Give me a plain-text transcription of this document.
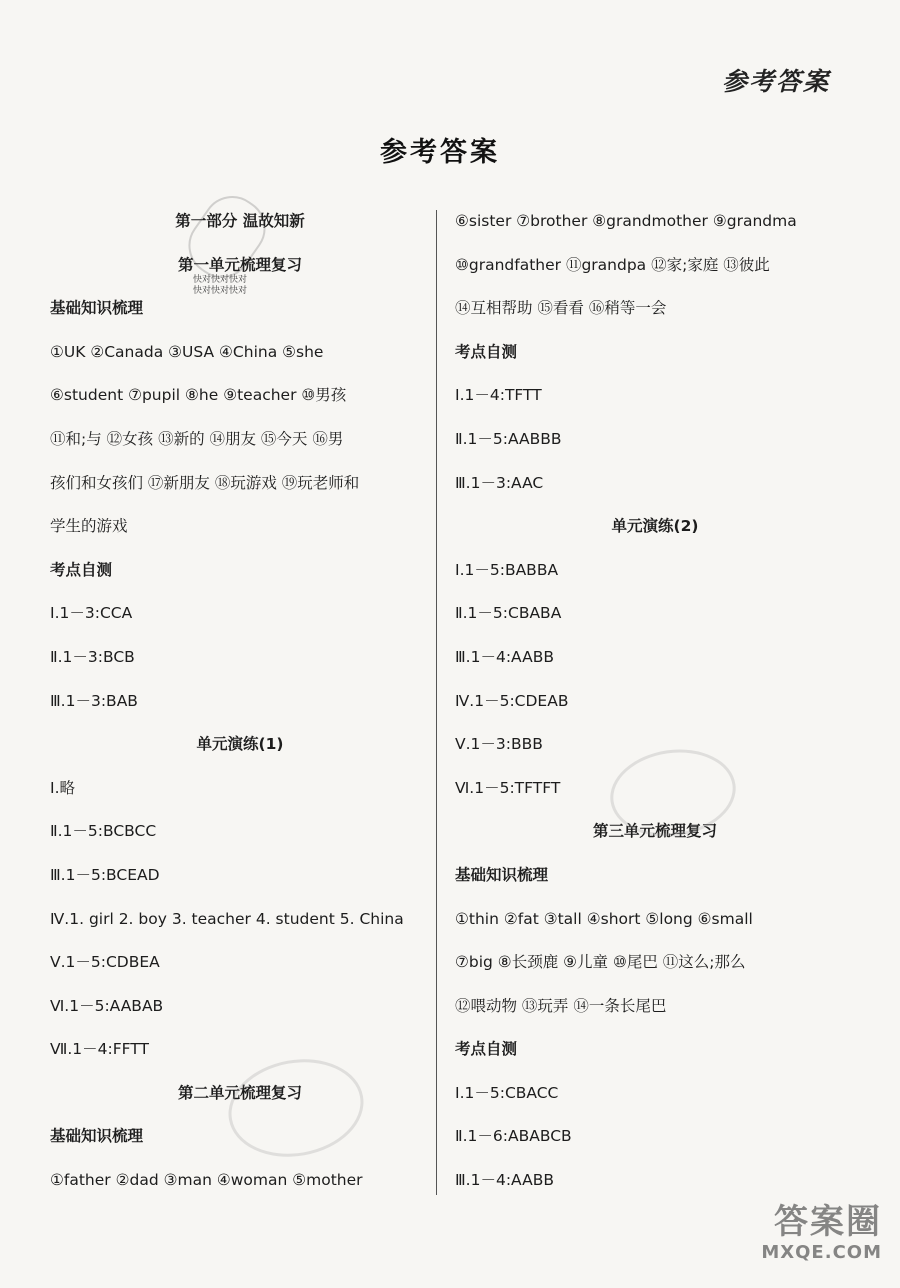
参考答案
参考答案
快对快对快对
快对快对快对
第一部分 温故知新
第一单元梳理复习
基础知识梳理
①UK ②Canada ③USA ④China ⑤she
⑥student ⑦pupil ⑧he ⑨teacher ⑩男孩
⑪和;与 ⑫女孩 ⑬新的 ⑭朋友 ⑮今天 ⑯男
孩们和女孩们 ⑰新朋友 ⑱玩游戏 ⑲玩老师和
学生的游戏
考点自测
Ⅰ.1－3:CCA
Ⅱ.1－3:BCB
Ⅲ.1－3:BAB
单元演练(1)
Ⅰ.略
Ⅱ.1－5:BCBCC
Ⅲ.1－5:BCEAD
Ⅳ.1. girl 2. boy 3. teacher 4. student 5. China
Ⅴ.1－5:CDBEA
Ⅵ.1－5:AABAB
Ⅶ.1－4:FFTT
第二单元梳理复习
基础知识梳理
①father ②dad ③man ④woman ⑤mother
⑥sister ⑦brother ⑧grandmother ⑨grandma
⑩grandfather ⑪grandpa ⑫家;家庭 ⑬彼此
⑭互相帮助 ⑮看看 ⑯稍等一会
考点自测
Ⅰ.1－4:TFTT
Ⅱ.1－5:AABBB
Ⅲ.1－3:AAC
单元演练(2)
Ⅰ.1－5:BABBA
Ⅱ.1－5:CBABA
Ⅲ.1－4:AABB
Ⅳ.1－5:CDEAB
Ⅴ.1－3:BBB
Ⅵ.1－5:TFTFT
第三单元梳理复习
基础知识梳理
①thin ②fat ③tall ④short ⑤long ⑥small
⑦big ⑧长颈鹿 ⑨儿童 ⑩尾巴 ⑪这么;那么
⑫喂动物 ⑬玩弄 ⑭一条长尾巴
考点自测
Ⅰ.1－5:CBACC
Ⅱ.1－6:ABABCB
Ⅲ.1－4:AABB
答案圈
MXQE.COM
